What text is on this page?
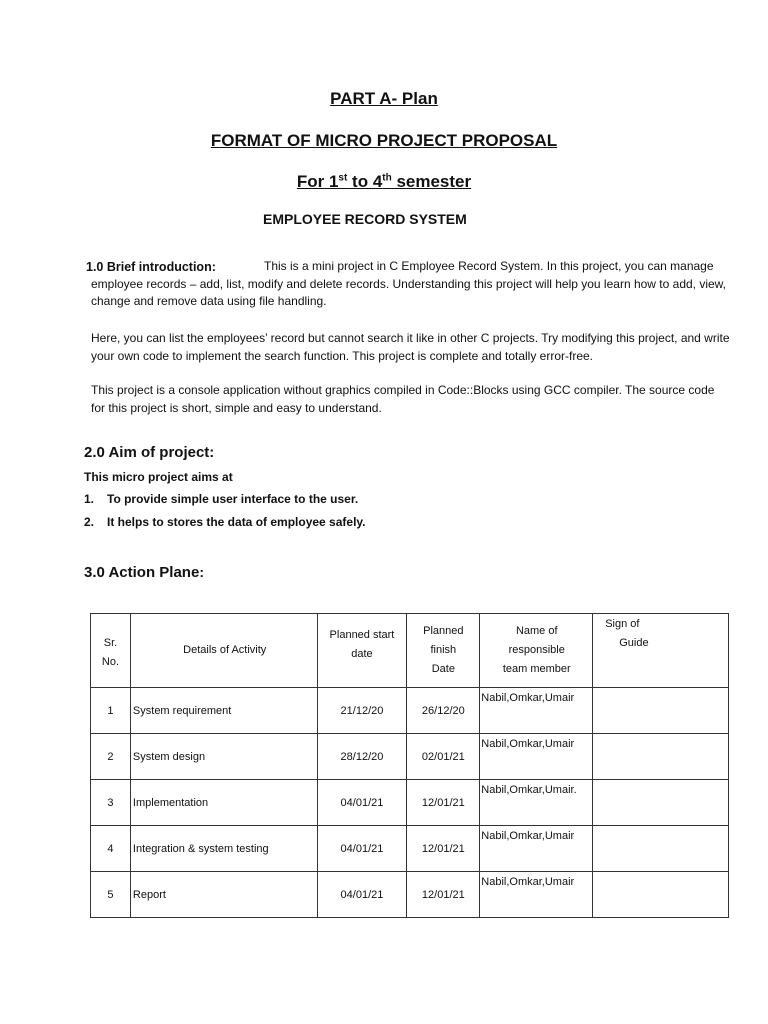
PART A- Plan
FORMAT OF MICRO PROJECT PROPOSAL
For 1st to 4th semester
EMPLOYEE RECORD SYSTEM
1.0 Brief introduction:	This is a mini project in C Employee Record System. In this project, you can manage employee records – add, list, modify and delete records. Understanding this project will help you learn how to add, view, change and remove data using file handling.

Here, you can list the employees’ record but cannot search it like in other C projects. Try modifying this project, and write your own code to implement the search function. This project is complete and totally error-free.

This project is a console application without graphics compiled in Code::Blocks using GCC compiler. The source code for this project is short, simple and easy to understand.

2.0 Aim of project:
This micro project aims at
1. To provide simple user interface to the user.
2. It helps to stores the data of employee safely.
3.0 Action Plane:
Sr.
No.	Details of Activity	Planned start
date	Planned
finish
Date	Name of
responsible
team member	Sign of
Guide

1	System requirement	21/12/20	26/12/20	Nabil,Omkar,Umair	
2	System design	28/12/20	02/01/21	Nabil,Omkar,Umair	
3	Implementation	04/01/21	12/01/21	Nabil,Omkar,Umair.	
4	Integration & system testing	04/01/21	12/01/21	Nabil,Omkar,Umair	
5	Report	04/01/21	12/01/21	Nabil,Omkar,Umair	
